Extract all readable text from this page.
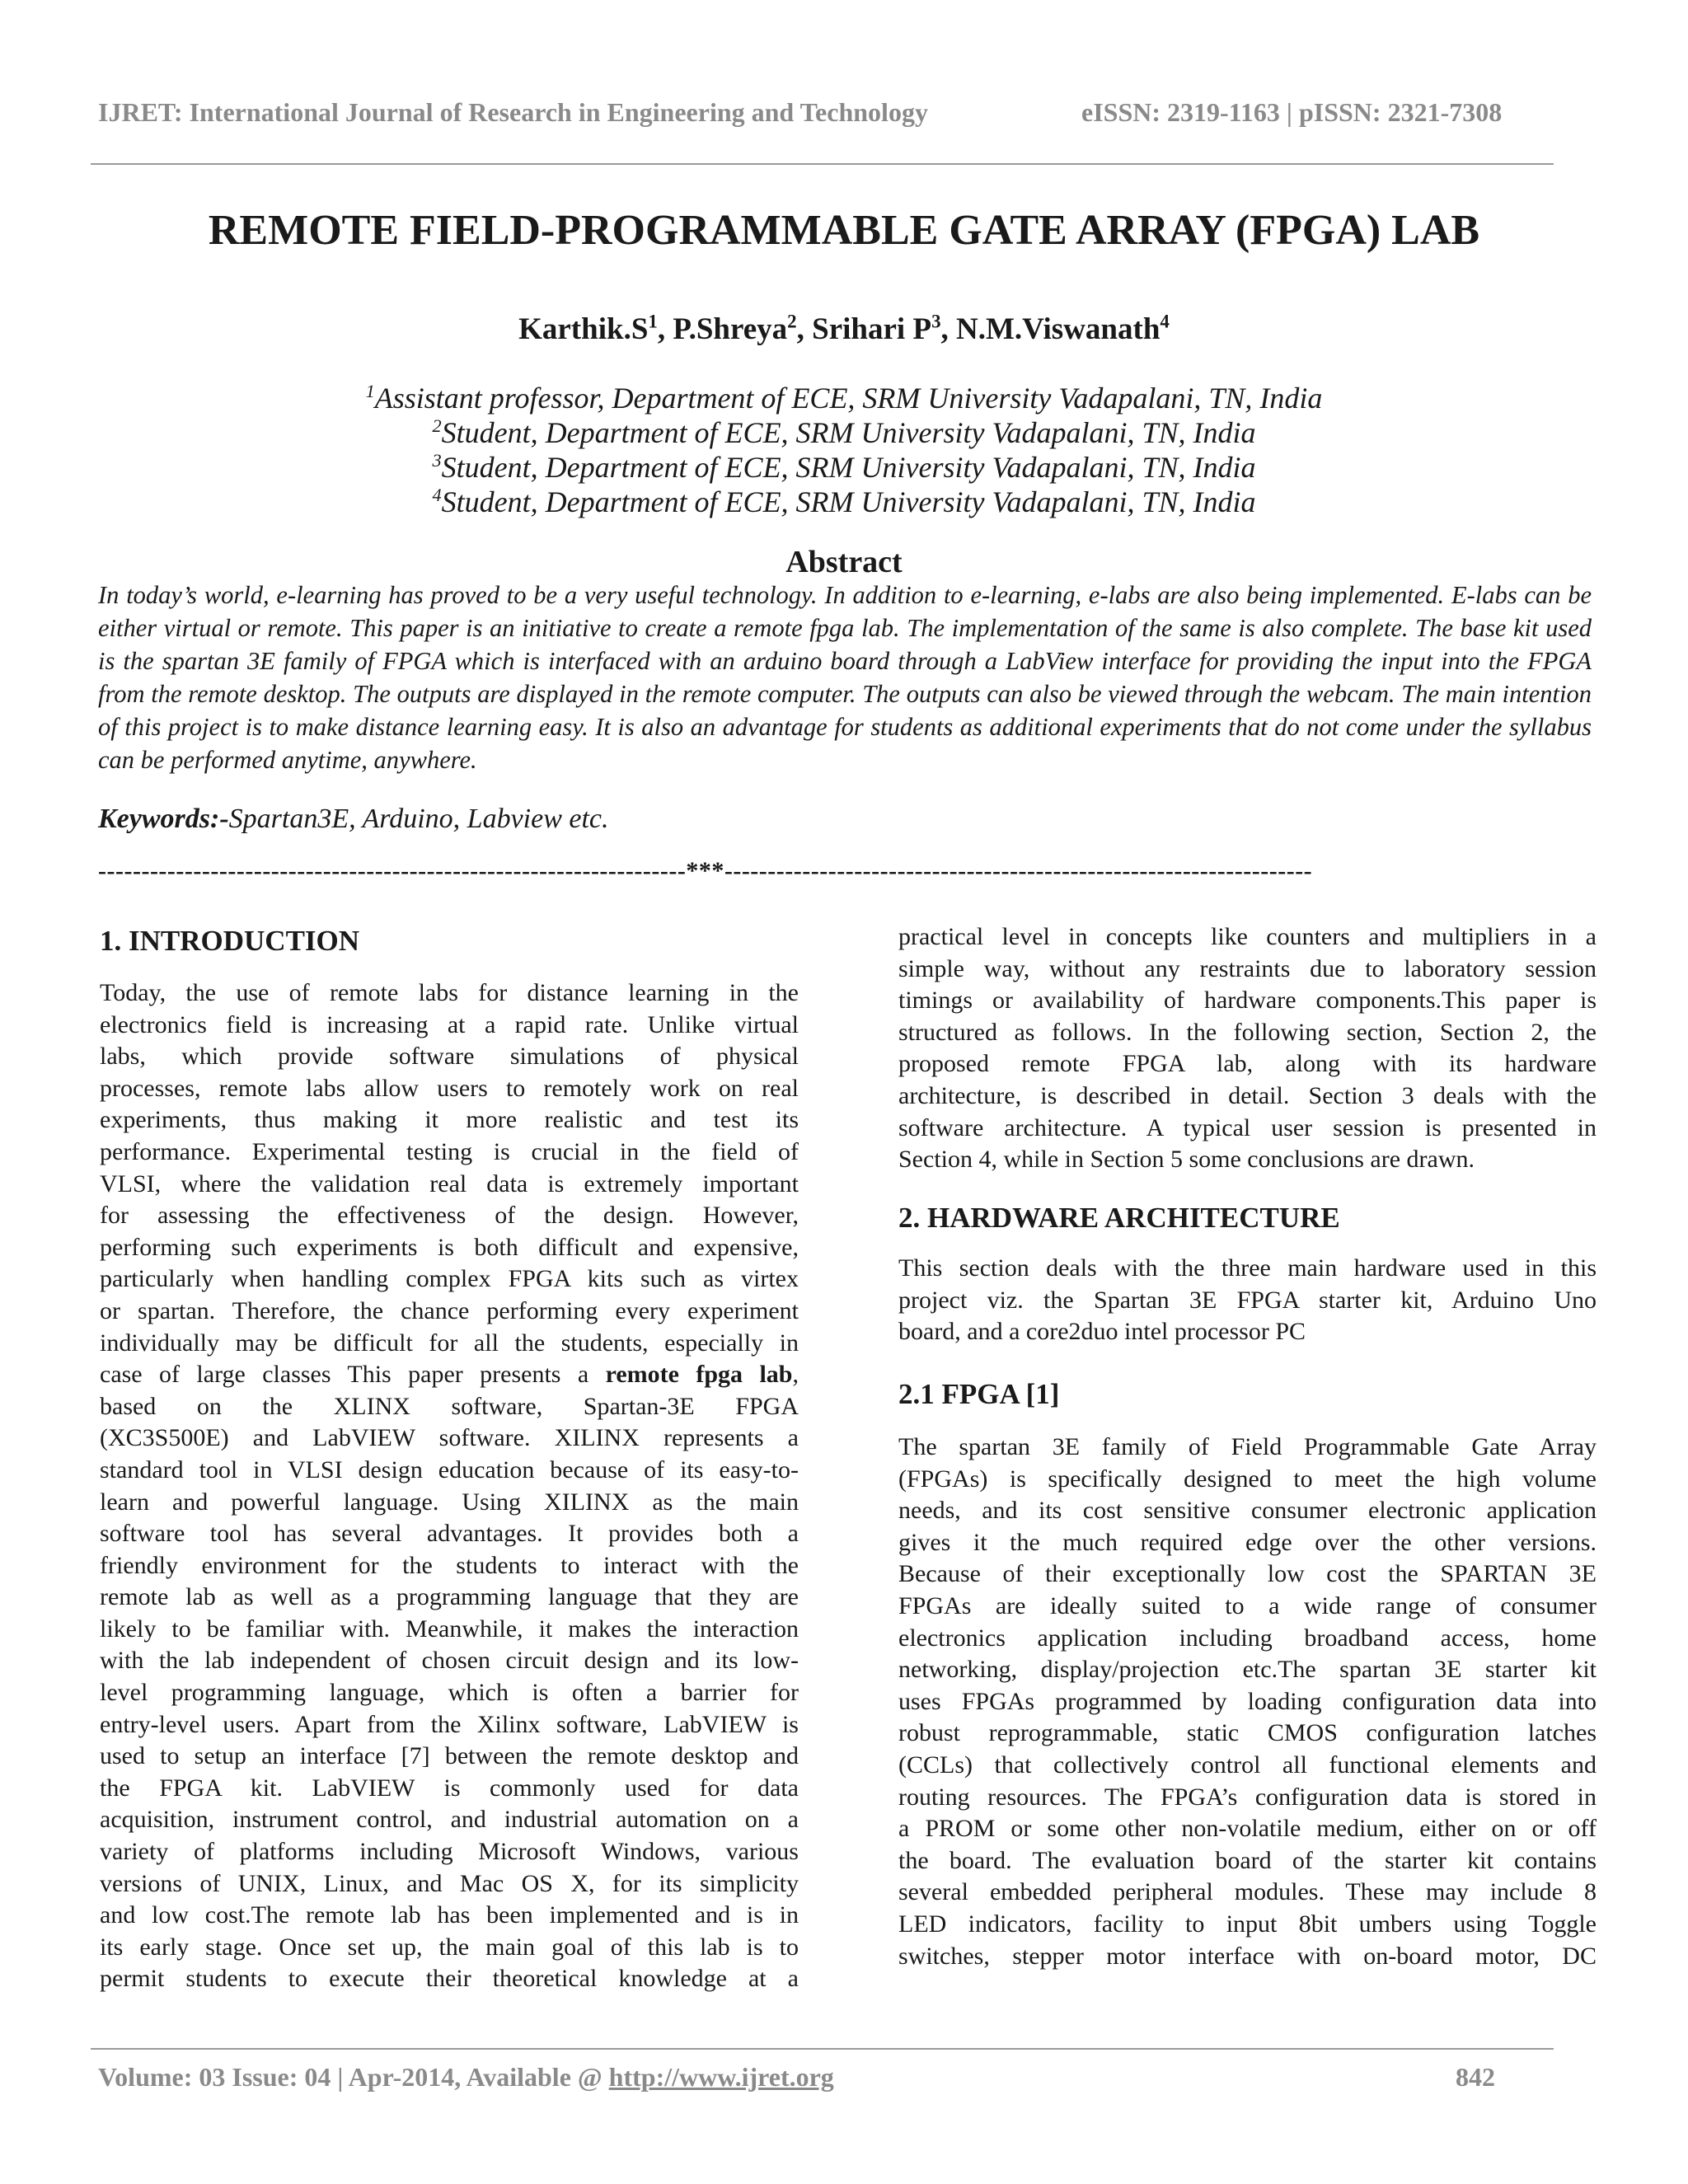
IJRET: International Journal of Research in Engineering and Technology	eISSN: 2319-1163 | pISSN: 2321-7308
REMOTE FIELD-PROGRAMMABLE GATE ARRAY (FPGA) LAB
$Karthik.S^1$, P.Shreya$^2$, Srihari $P^3$, N.M.Viswanath$^4$
$^1$Assistant professor, Department of ECE, SRM University Vadapalani, TN, India
$^2$Student, Department of ECE, SRM University Vadapalani, TN, India
$^3$Student, Department of ECE, SRM University Vadapalani, TN, India
$^4$Student, Department of ECE, SRM University Vadapalani, TN, India
Abstract
In today’s world, e-learning has proved to be a very useful technology. In addition to e-learning, e-labs are also being implemented. E-labs can be either virtual or remote. This paper is an initiative to create a remote fpga lab. The implementation of the same is also complete. The base kit used is the spartan 3E family of FPGA which is interfaced with an arduino board through a LabView interface for providing the input into the FPGA from the remote desktop. The outputs are displayed in the remote computer. The outputs can also be viewed through the webcam. The main intention of this project is to make distance learning easy. It is also an advantage for students as additional experiments that do not come under the syllabus can be performed anytime, anywhere.
Keywords:-Spartan3E, Arduino, Labview etc.
--------------------------------------------------------------------***--------------------------------------------------------------------
1. INTRODUCTION
Today, the use of remote labs for distance learning in the
electronics field is increasing at a rapid rate. Unlike virtual
labs, which provide software simulations of physical
processes, remote labs allow users to remotely work on real
experiments, thus making it more realistic and test its
performance. Experimental testing is crucial in the field of
VLSI, where the validation real data is extremely important
for assessing the effectiveness of the design. However,
performing such experiments is both difficult and expensive,
particularly when handling complex FPGA kits such as virtex
or spartan. Therefore, the chance performing every experiment
individually may be difficult for all the students, especially in
case of large classes This paper presents a remote fpga lab,
based on the XLINX software, Spartan-3E FPGA
(XC3S500E) and LabVIEW software. XILINX represents a
standard tool in VLSI design education because of its easy-to-
learn and powerful language. Using XILINX as the main
software tool has several advantages. It provides both a
friendly environment for the students to interact with the
remote lab as well as a programming language that they are
likely to be familiar with. Meanwhile, it makes the interaction
with the lab independent of chosen circuit design and its low-
level programming language, which is often a barrier for
entry-level users. Apart from the Xilinx software, LabVIEW is
used to setup an interface [7] between the remote desktop and
the FPGA kit. LabVIEW is commonly used for data
acquisition, instrument control, and industrial automation on a
variety of platforms including Microsoft Windows, various
versions of UNIX, Linux, and Mac OS X, for its simplicity
and low cost.The remote lab has been implemented and is in
its early stage. Once set up, the main goal of this lab is to
permit students to execute their theoretical knowledge at a
practical level in concepts like counters and multipliers in a
simple way, without any restraints due to laboratory session
timings or availability of hardware components.This paper is
structured as follows. In the following section, Section 2, the
proposed remote FPGA lab, along with its hardware
architecture, is described in detail. Section 3 deals with the
software architecture. A typical user session is presented in
Section 4, while in Section 5 some conclusions are drawn.
2. HARDWARE ARCHITECTURE
This section deals with the three main hardware used in this
project viz. the Spartan 3E FPGA starter kit, Arduino Uno
board, and a core2duo intel processor PC
2.1 FPGA [1]
The spartan 3E family of Field Programmable Gate Array
(FPGAs) is specifically designed to meet the high volume
needs, and its cost sensitive consumer electronic application
gives it the much required edge over the other versions.
Because of their exceptionally low cost the SPARTAN 3E
FPGAs are ideally suited to a wide range of consumer
electronics application including broadband access, home
networking, display/projection etc.The spartan 3E starter kit
uses FPGAs programmed by loading configuration data into
robust reprogrammable, static CMOS configuration latches
(CCLs) that collectively control all functional elements and
routing resources. The FPGA’s configuration data is stored in
a PROM or some other non-volatile medium, either on or off
the board. The evaluation board of the starter kit contains
several embedded peripheral modules. These may include 8
LED indicators, facility to input 8bit umbers using Toggle
switches, stepper motor interface with on-board motor, DC
Volume: 03 Issue: 04 | Apr-2014, Available @ http://www.ijret.org	842
